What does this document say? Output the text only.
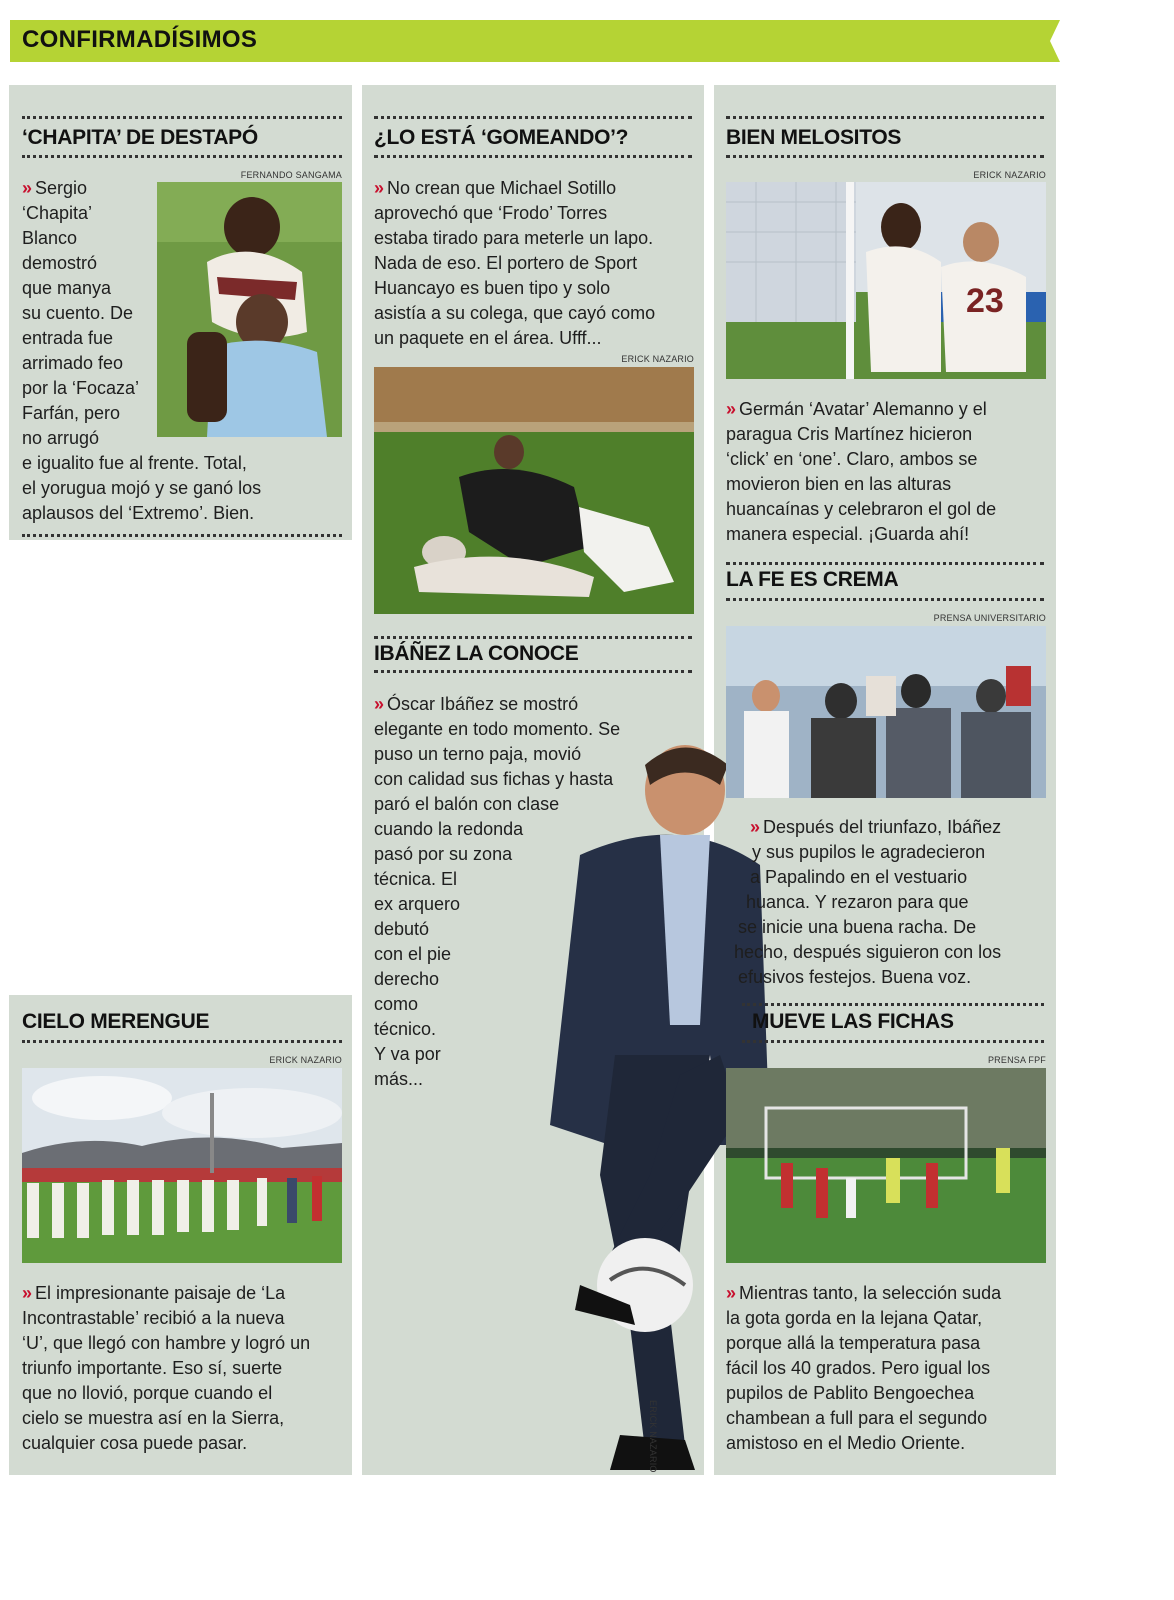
CONFIRMADÍSIMOS
‘CHAPITA’ DE DESTAPÓ
FERNANDO SANGAMA
» Sergio
‘Chapita’
Blanco
demostró
que manya
su cuento. De
entrada fue
arrimado feo
por la ‘Focaza’
Farfán, pero
no arrugó
e igualito fue al frente. Total,
el yorugua mojó y se ganó los
aplausos del ‘Extremo’. Bien.
¿LO ESTÁ ‘GOMEANDO’?
» No crean que Michael Sotillo
aprovechó que ‘Frodo’ Torres
estaba tirado para meterle un lapo.
Nada de eso. El portero de Sport
Huancayo es buen tipo y solo
asistía a su colega, que cayó como
un paquete en el área. Ufff...
ERICK NAZARIO
IBÁÑEZ LA CONOCE
» Óscar Ibáñez se mostró
elegante en todo momento. Se
puso un terno paja, movió
con calidad sus fichas y hasta
paró el balón con clase
cuando la redonda
pasó por su zona
técnica. El
ex arquero
debutó
con el pie
derecho
como
técnico.
Y va por
más...
ERICK NAZARIO
BIEN MELOSITOS
ERICK NAZARIO
23
» Germán ‘Avatar’ Alemanno y el
paragua Cris Martínez hicieron
‘click’ en ‘one’. Claro, ambos se
movieron bien en las alturas
huancaínas y celebraron el gol de
manera especial. ¡Guarda ahí!
LA FE ES CREMA
PRENSA UNIVERSITARIO
» Después del triunfazo, Ibáñez
y sus pupilos le agradecieron
a Papalindo en el vestuario
huanca. Y rezaron para que
se inicie una buena racha. De
hecho, después siguieron con los
efusivos festejos. Buena voz.
MUEVE LAS FICHAS
PRENSA FPF
» Mientras tanto, la selección suda
la gota gorda en la lejana Qatar,
porque allá la temperatura pasa
fácil los 40 grados. Pero igual los
pupilos de Pablito Bengoechea
chambean a full para el segundo
amistoso en el Medio Oriente.
CIELO MERENGUE
ERICK NAZARIO
» El impresionante paisaje de ‘La
Incontrastable’ recibió a la nueva
‘U’, que llegó con hambre y logró un
triunfo importante. Eso sí, suerte
que no llovió, porque cuando el
cielo se muestra así en la Sierra,
cualquier cosa puede pasar.
